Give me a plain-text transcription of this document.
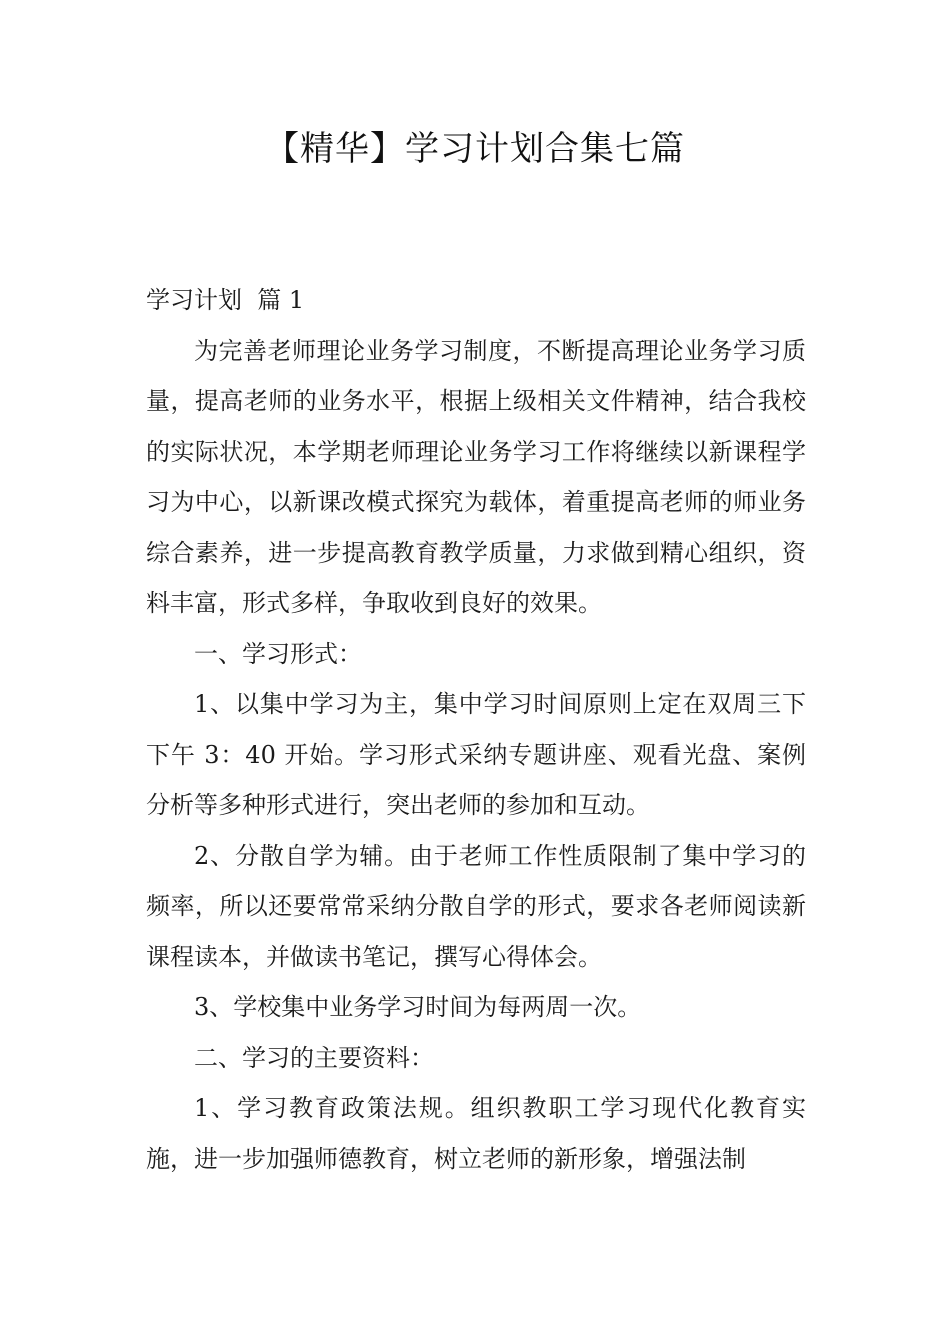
【精华】学习计划合集七篇

学习计划  篇 1

为完善老师理论业务学习制度，不断提高理论业务学习质量，提高老师的业务水平，根据上级相关文件精神，结合我校的实际状况，本学期老师理论业务学习工作将继续以新课程学习为中心，以新课改模式探究为载体，着重提高老师的师业务综合素养，进一步提高教育教学质量，力求做到精心组织，资料丰富，形式多样，争取收到良好的效果。

一、学习形式：

1、以集中学习为主，集中学习时间原则上定在双周三下下午 3：40 开始。学习形式采纳专题讲座、观看光盘、案例分析等多种形式进行，突出老师的参加和互动。

2、分散自学为辅。由于老师工作性质限制了集中学习的频率，所以还要常常采纳分散自学的形式，要求各老师阅读新课程读本，并做读书笔记，撰写心得体会。

3、学校集中业务学习时间为每两周一次。

二、学习的主要资料：

1、学习教育政策法规。组织教职工学习现代化教育实施，进一步加强师德教育，树立老师的新形象，增强法制
